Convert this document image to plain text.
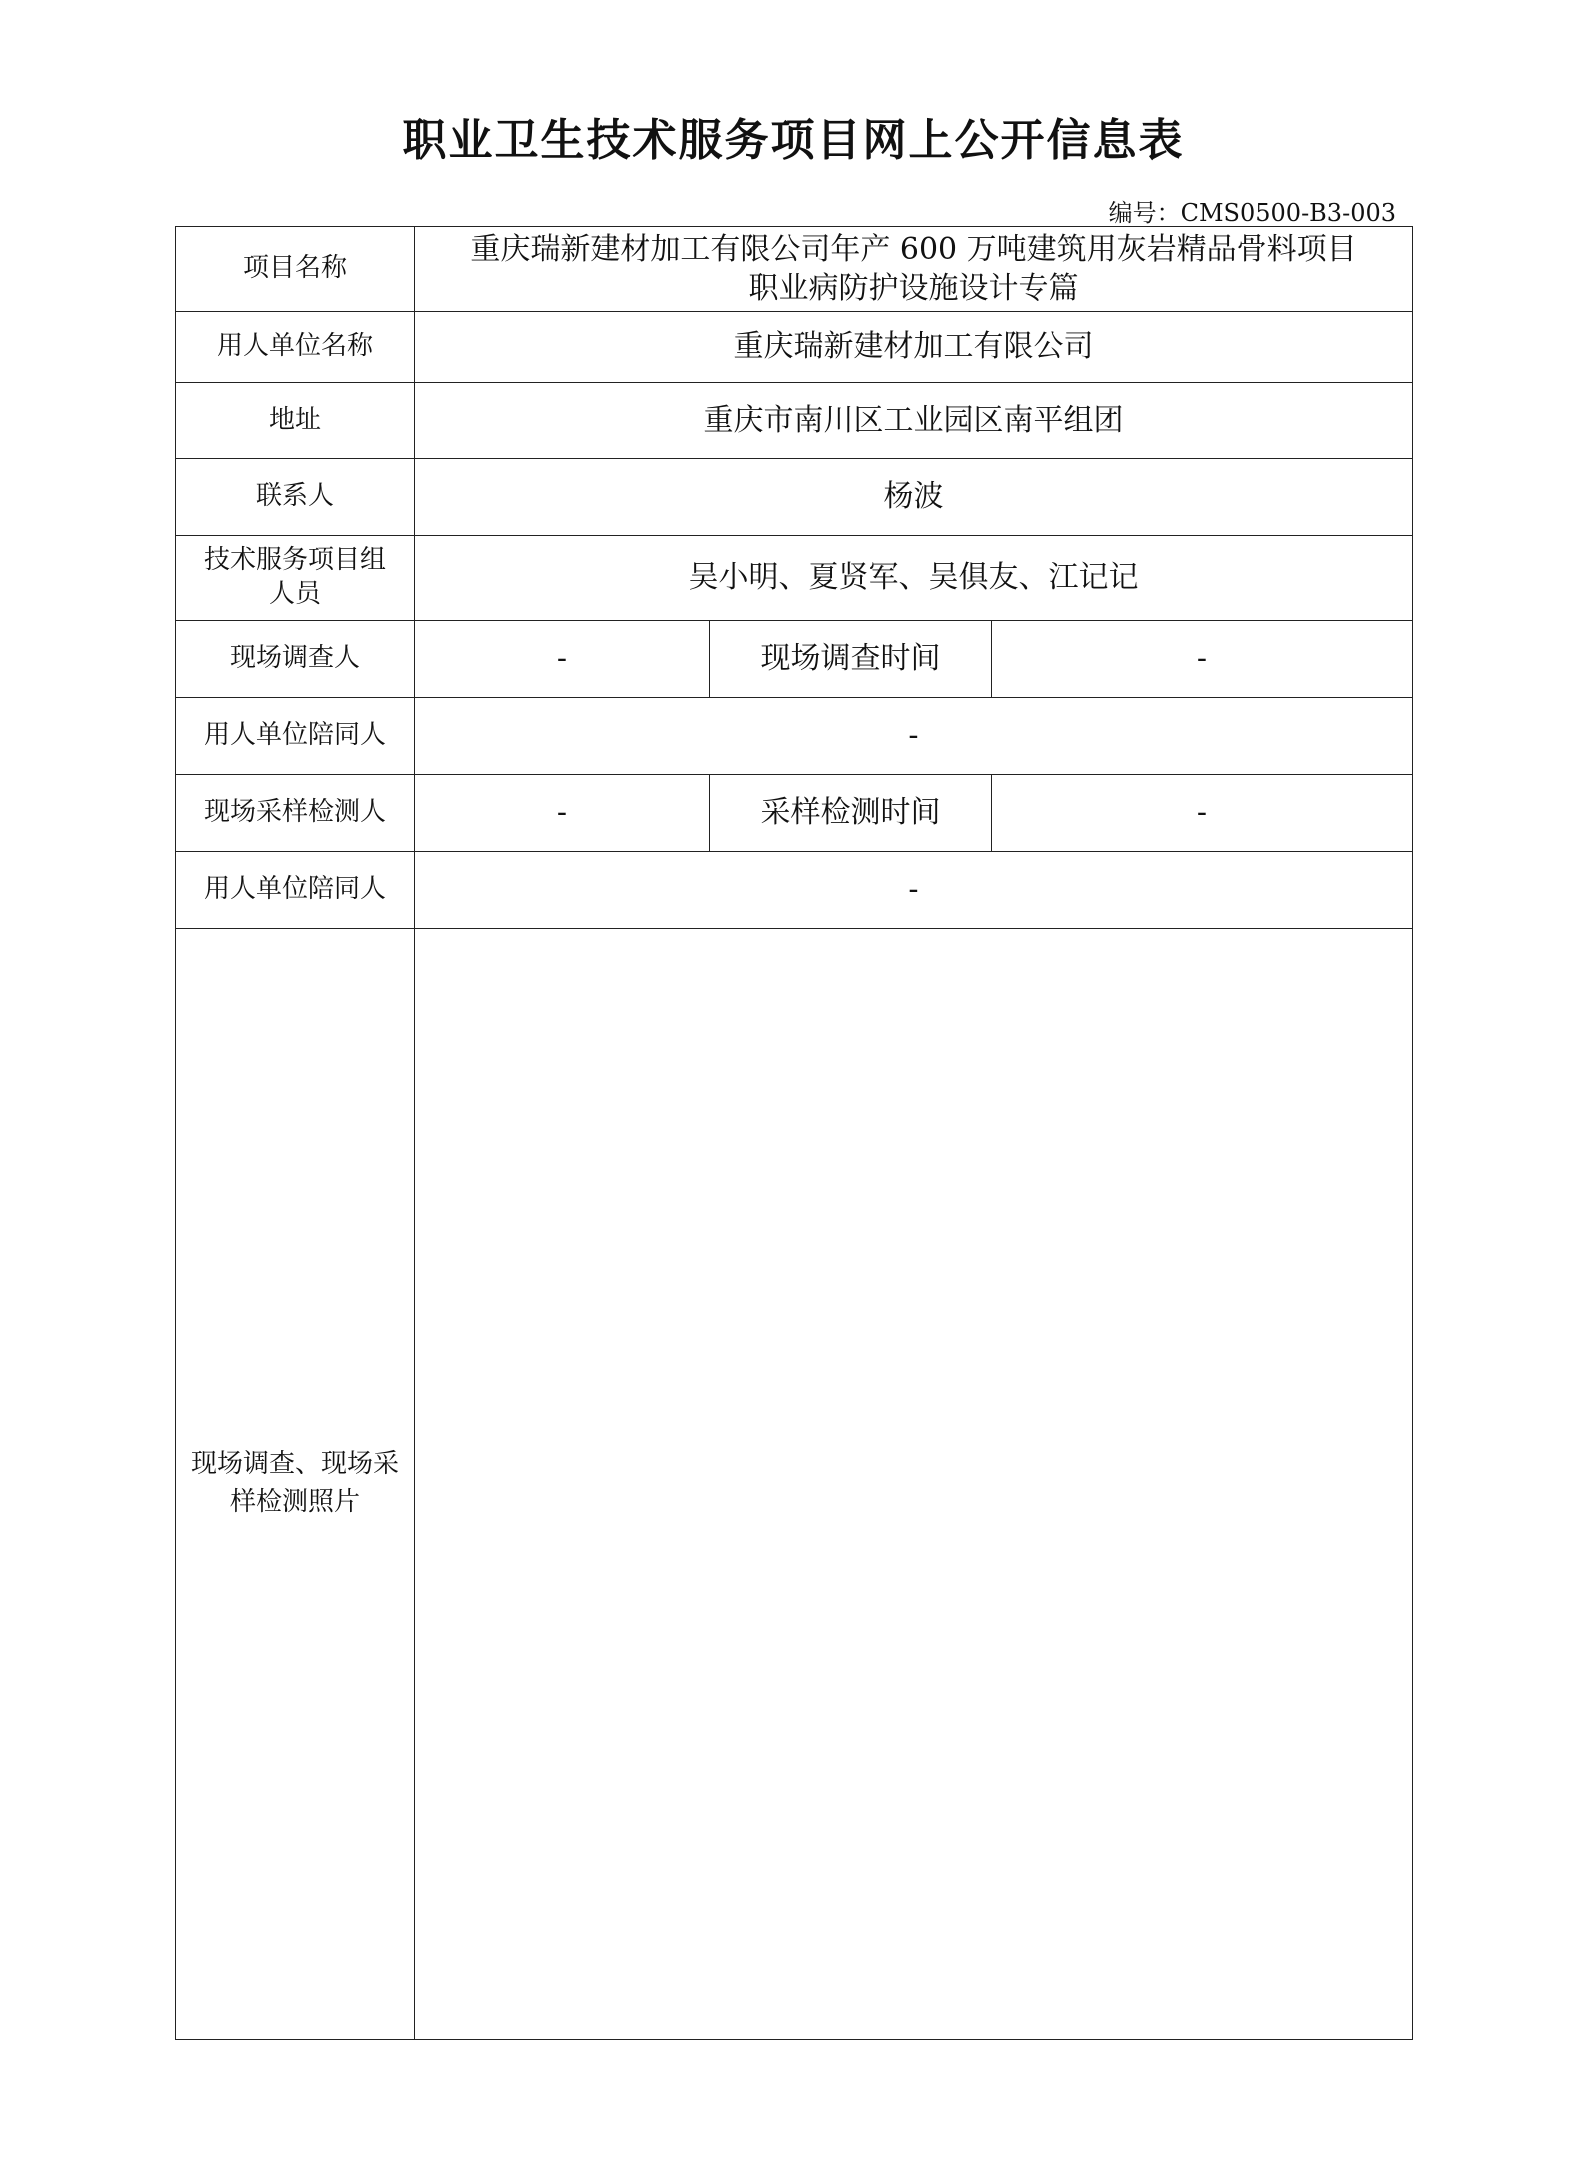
职业卫生技术服务项目网上公开信息表
编号：CMS0500-B3-003
项目名称	重庆瑞新建材加工有限公司年产 600 万吨建筑用灰岩精品骨料项目
职业病防护设施设计专篇		

用人单位名称	重庆瑞新建材加工有限公司		
地址	重庆市南川区工业园区南平组团		
联系人	杨波		

技术服务项目组
人员	吴小明、夏贤军、吴俱友、江记记		
现场调查人	-	现场调查时间	-
用人单位陪同人	-		
现场采样检测人	-	采样检测时间	-
用人单位陪同人	-		

现场调查、现场采
样检测照片			
